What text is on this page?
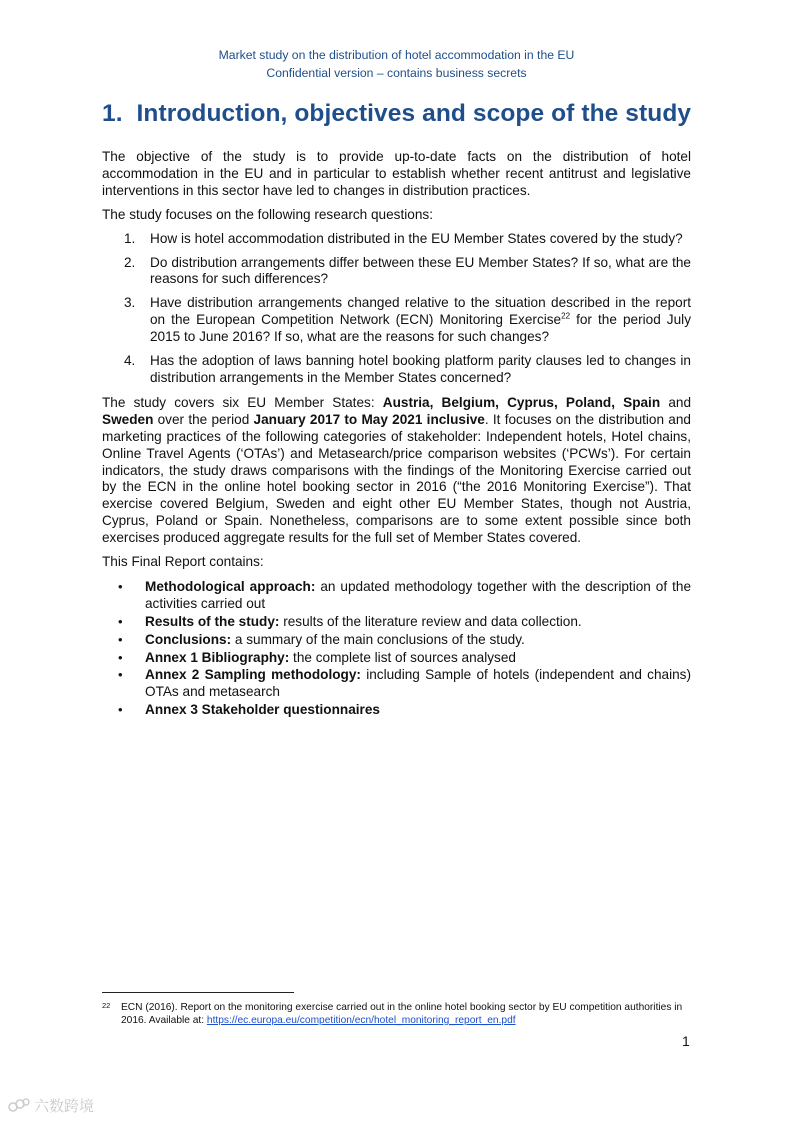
Market study on the distribution of hotel accommodation in the EU
Confidential version – contains business secrets
1. Introduction, objectives and scope of the study

The objective of the study is to provide up-to-date facts on the distribution of hotel accommodation in the EU and in particular to establish whether recent antitrust and legislative interventions in this sector have led to changes in distribution practices.

The study focuses on the following research questions:

1. How is hotel accommodation distributed in the EU Member States covered by the study?
2. Do distribution arrangements differ between these EU Member States? If so, what are the reasons for such differences?
3. Have distribution arrangements changed relative to the situation described in the report on the European Competition Network (ECN) Monitoring Exercise$^{22}$ for the period July 2015 to June 2016? If so, what are the reasons for such changes?
4. Has the adoption of laws banning hotel booking platform parity clauses led to changes in distribution arrangements in the Member States concerned?

The study covers six EU Member States: Austria, Belgium, Cyprus, Poland, Spain and Sweden over the period January 2017 to May 2021 inclusive. It focuses on the distribution and marketing practices of the following categories of stakeholder: Independent hotels, Hotel chains, Online Travel Agents (‘OTAs’) and Metasearch/price comparison websites (‘PCWs’). For certain indicators, the study draws comparisons with the findings of the Monitoring Exercise carried out by the ECN in the online hotel booking sector in 2016 (“the 2016 Monitoring Exercise”). That exercise covered Belgium, Sweden and eight other EU Member States, though not Austria, Cyprus, Poland or Spain. Nonetheless, comparisons are to some extent possible since both exercises produced aggregate results for the full set of Member States covered.

This Final Report contains:

• Methodological approach: an updated methodology together with the description of the activities carried out
• Results of the study: results of the literature review and data collection.
• Conclusions: a summary of the main conclusions of the study.
• Annex 1 Bibliography: the complete list of sources analysed
• Annex 2 Sampling methodology: including Sample of hotels (independent and chains) OTAs and metasearch
• Annex 3 Stakeholder questionnaires
22 ECN (2016). Report on the monitoring exercise carried out in the online hotel booking sector by EU competition authorities in 2016. Available at: https://ec.europa.eu/competition/ecn/hotel_monitoring_report_en.pdf
1
六数跨境
